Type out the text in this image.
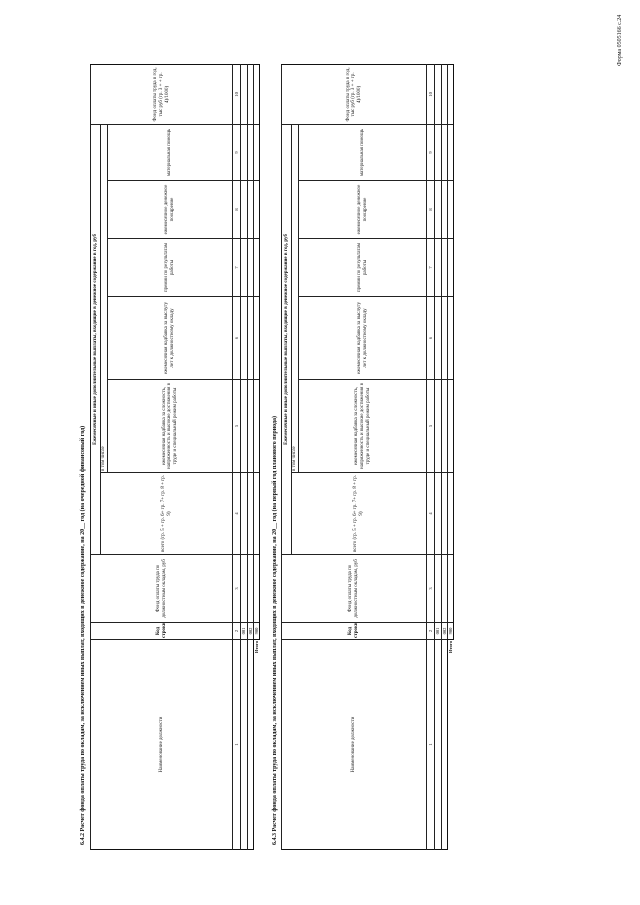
Форма 0505166 с.24
6.4.2 Расчет фонда оплаты труда по окладам, за исключением иных выплат, входящих в денежное содержание, на 20__ год (на очередной финансовый год)	6.4.3 Расчет фонда оплаты труда по окладам, за исключением иных выплат, входящих в денежное содержание, на 20__ год (на первый год планового периода)
Наименование должности	Код строки	Фонд оплаты труда по должностным окладам, руб	Ежемесячные и иные дополнительные выплаты, входящие в денежное содержание в год, руб						Фонд оплаты труда в год, тыс руб (гр. 3 + + гр. 4)/1000)
			всего (гр. 5 + гр. 6+ гр. 7+ гр. 8 + гр. 9)	в том числе					
				ежемесячная надбавка за сложность, напряженность и высокие достижения в труде и специальный режим работы	ежемесячная надбавка за выслугу лет к должностному окладу	премии по результатам работы	ежемесячное денежное поощрение	материальная помощь	
1	2	3	4	5	6	7	8	9	10
	001								
	002								
Итого	900								
Наименование должности	Код строки	Фонд оплаты труда по должностным окладам, руб	Ежемесячные и иные дополнительные выплаты, входящие в денежное содержание в год, руб						Фонд оплаты труда в год, тыс руб (гр. 3 + + гр. 4)/1000)
			всего (гр. 5 + гр. 6+ гр. 7+ гр. 8 + гр. 9)	в том числе					
				ежемесячная надбавка за сложность, напряженность и высокие достижения в труде и специальный режим работы	ежемесячная надбавка за выслугу лет к должностному окладу	премии по результатам работы	ежемесячное денежное поощрение	материальная помощь	
1	2	3	4	5	6	7	8	9	10
	001								
	002								
Итого	900								
